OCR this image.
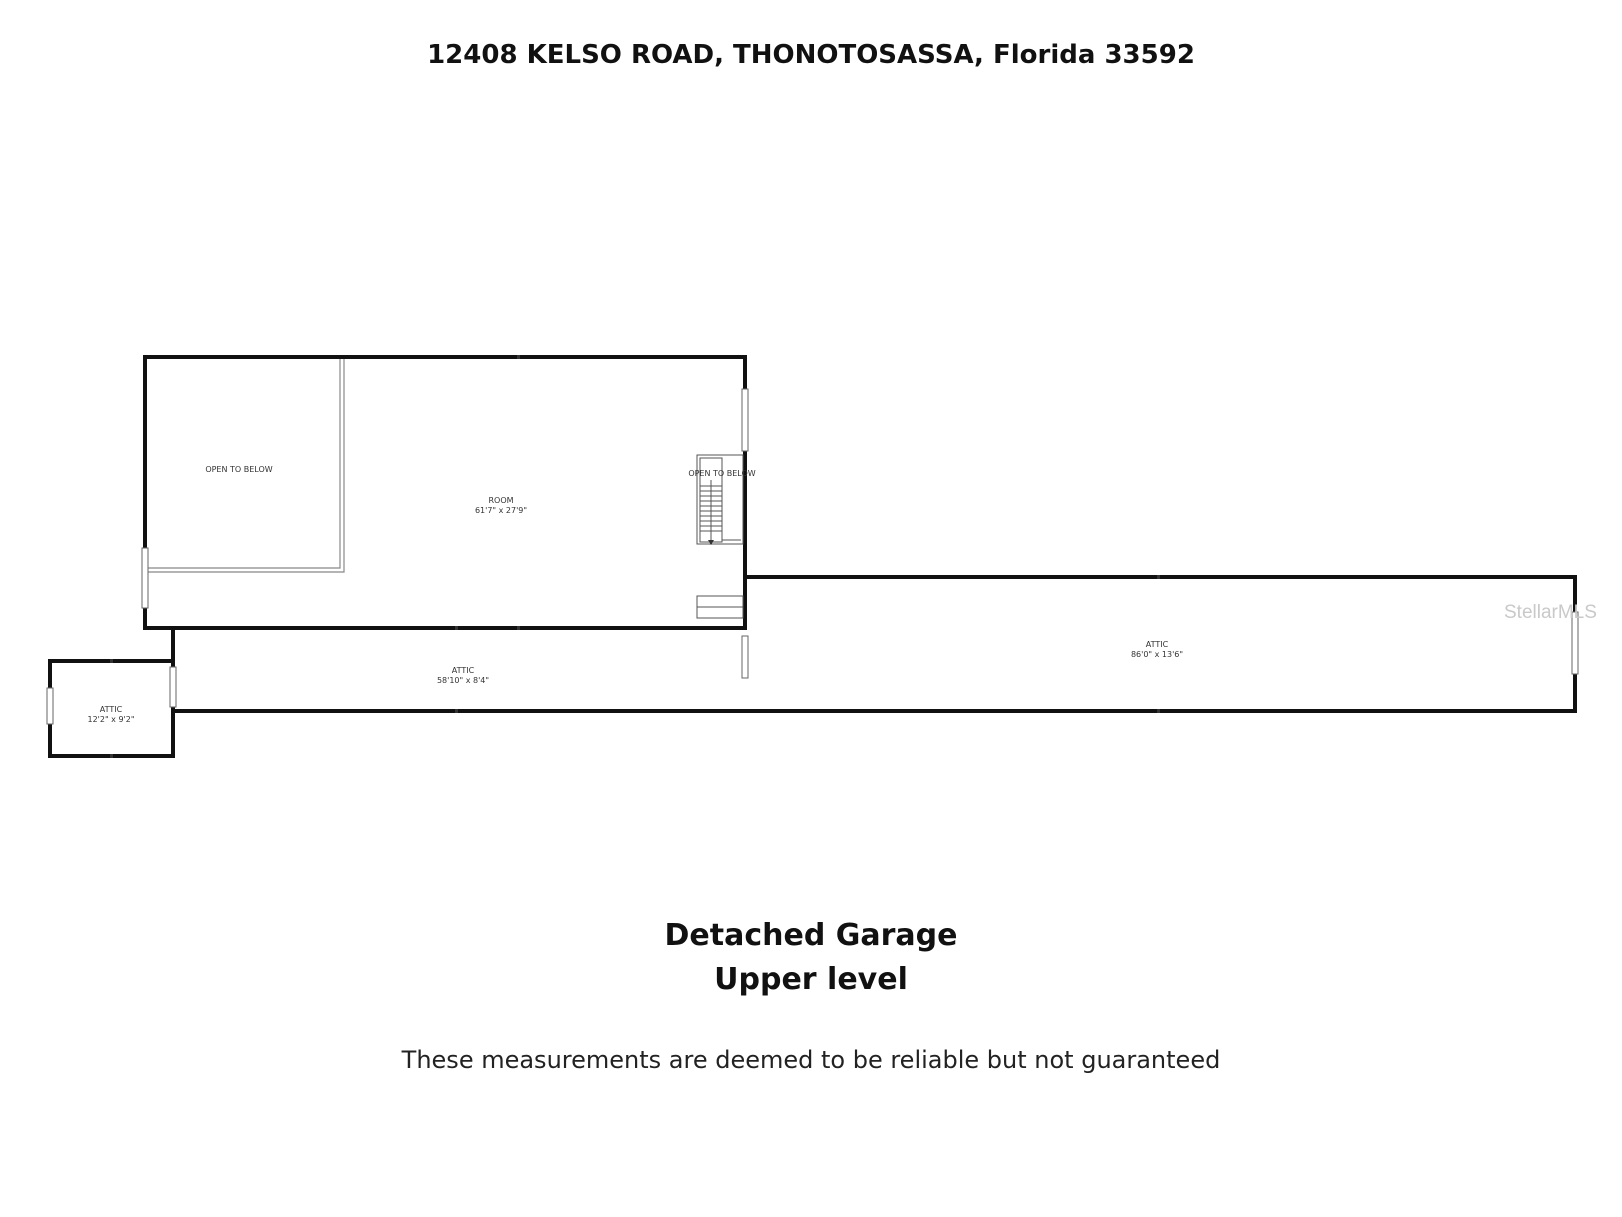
12408 KELSO ROAD, THONOTOSASSA, Florida 33592
OPEN TO BELOW
ROOM
61'7" x 27'9"
OPEN TO BELOW
ATTIC
58'10" x 8'4"
ATTIC
12'2" x 9'2"
ATTIC
86'0" x 13'6"
StellarMLS
Detached Garage
Upper level
These measurements are deemed to be reliable but not guaranteed
